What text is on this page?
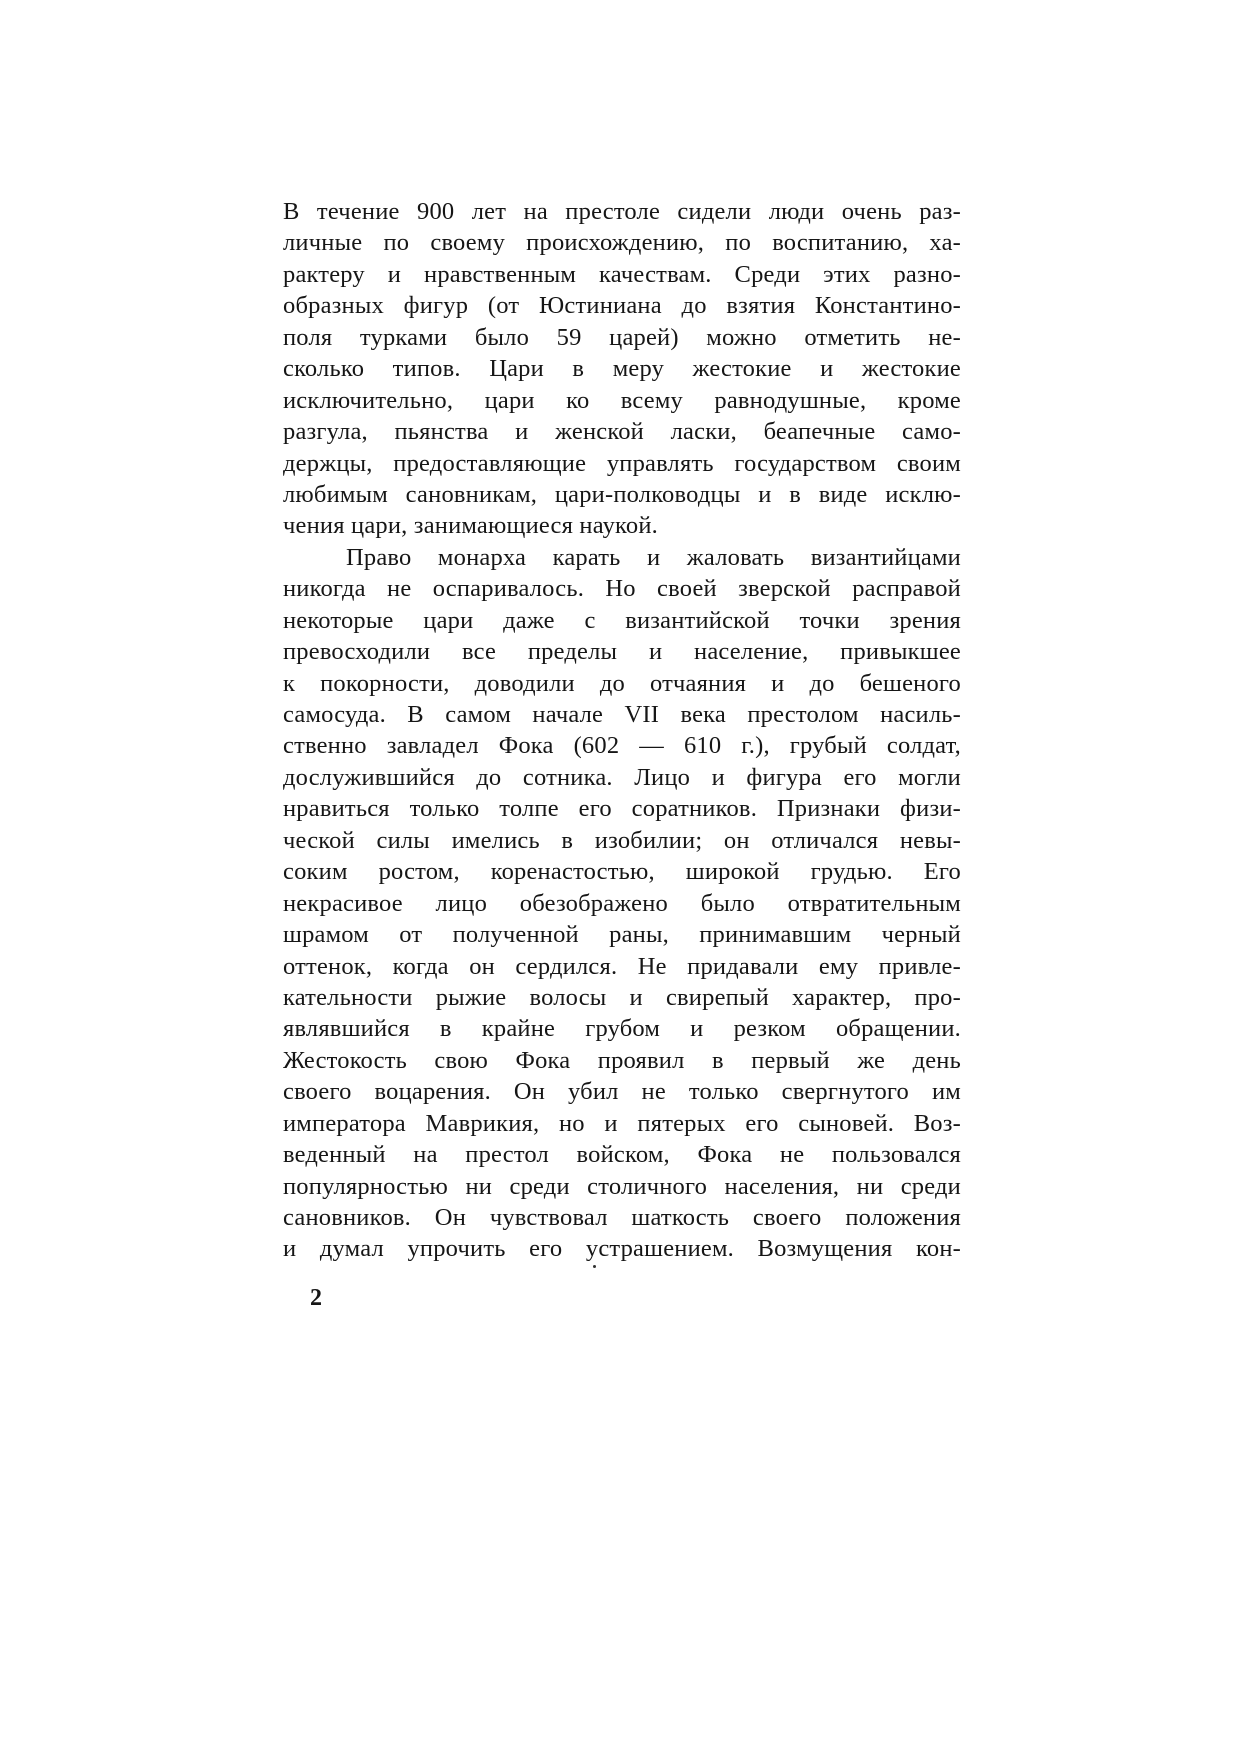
В течение 900 лет на престоле сидели люди очень раз-
личные по своему происхождению, по воспитанию, ха-
рактеру и нравственным качествам. Среди этих разно-
образных фигур (от Юстиниана до взятия Константино-
поля турками было 59 царей) можно отметить не-
сколько типов. Цари в меру жестокие и жестокие
исключительно, цари ко всему равнодушные, кроме
разгула, пьянства и женской ласки, беапечные само-
держцы, предоставляющие управлять государством своим
любимым сановникам, цари-полководцы и в виде исклю-
чения цари, занимающиеся наукой.
Право монарха карать и жаловать византийцами
никогда не оспаривалось. Но своей зверской расправой
некоторые цари даже с византийской точки зрения
превосходили все пределы и население, привыкшее
к покорности, доводили до отчаяния и до бешеного
самосуда. В самом начале VII века престолом насиль-
ственно завладел Фока (602 — 610 г.), грубый солдат,
дослужившийся до сотника. Лицо и фигура его могли
нравиться только толпе его соратников. Признаки физи-
ческой силы имелись в изобилии; он отличался невы-
соким ростом, коренастостью, широкой грудью. Его
некрасивое лицо обезображено было отвратительным
шрамом от полученной раны, принимавшим черный
оттенок, когда он сердился. Не придавали ему привле-
кательности рыжие волосы и свирепый характер, про-
являвшийся в крайне грубом и резком обращении.
Жестокость свою Фока проявил в первый же день
своего воцарения. Он убил не только свергнутого им
императора Маврикия, но и пятерых его сыновей. Воз-
веденный на престол войском, Фока не пользовался
популярностью ни среди столичного населения, ни среди
сановников. Он чувствовал шаткость своего положения
и думал упрочить его устрашением. Возмущения кон-
2
